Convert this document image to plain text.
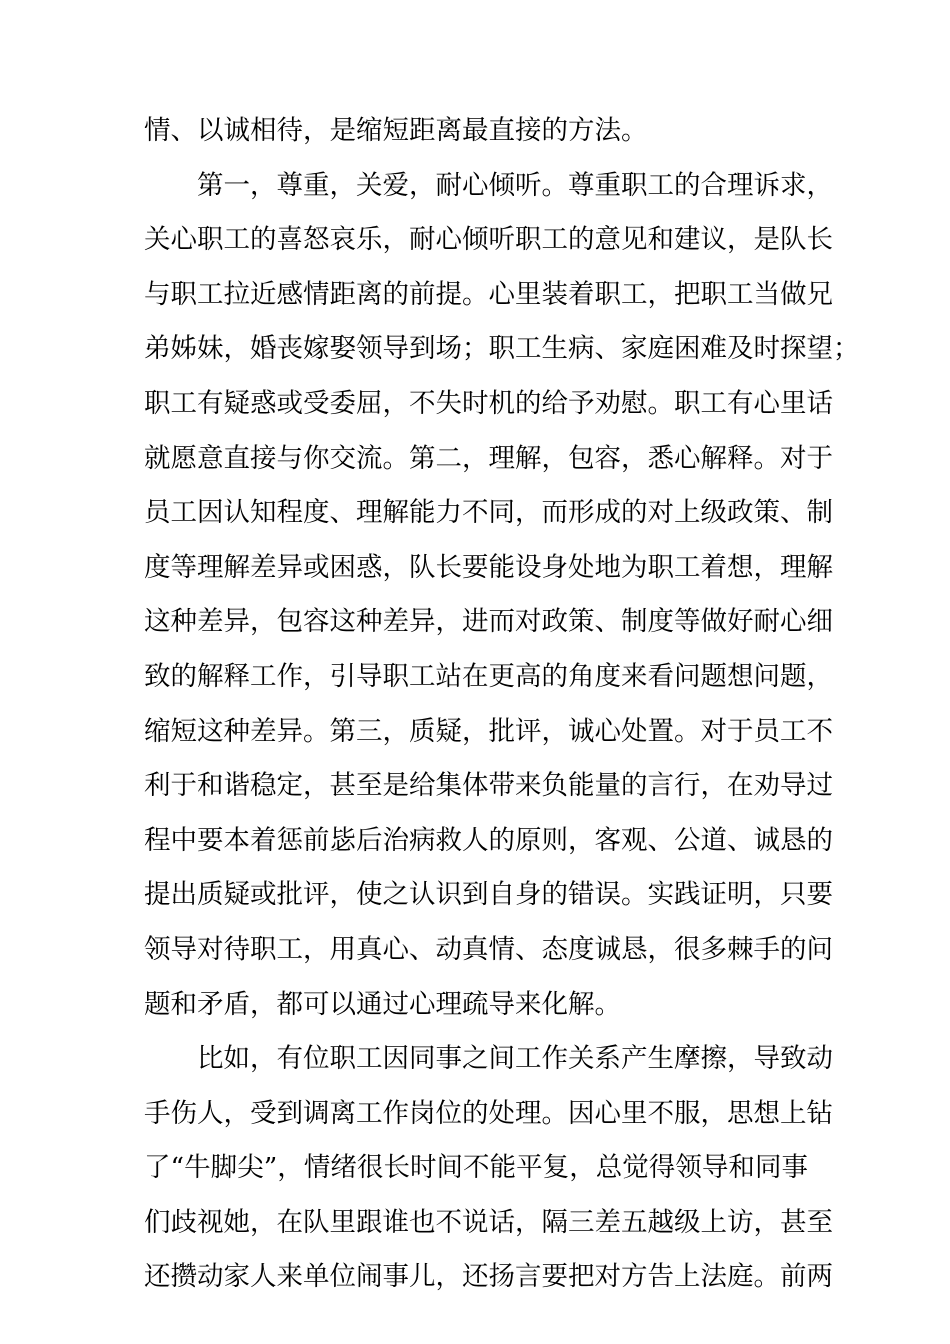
情、以诚相待，是缩短距离最直接的方法。
第一，尊重，关爱，耐心倾听。尊重职工的合理诉求，
关心职工的喜怒哀乐，耐心倾听职工的意见和建议，是队长
与职工拉近感情距离的前提。心里装着职工，把职工当做兄
弟姊妹，婚丧嫁娶领导到场；职工生病、家庭困难及时探望；
职工有疑惑或受委屈，不失时机的给予劝慰。职工有心里话
就愿意直接与你交流。第二，理解，包容，悉心解释。对于
员工因认知程度、理解能力不同，而形成的对上级政策、制
度等理解差异或困惑，队长要能设身处地为职工着想，理解
这种差异，包容这种差异，进而对政策、制度等做好耐心细
致的解释工作，引导职工站在更高的角度来看问题想问题，
缩短这种差异。第三，质疑，批评，诚心处置。对于员工不
利于和谐稳定，甚至是给集体带来负能量的言行，在劝导过
程中要本着惩前毖后治病救人的原则，客观、公道、诚恳的
提出质疑或批评，使之认识到自身的错误。实践证明，只要
领导对待职工，用真心、动真情、态度诚恳，很多棘手的问
题和矛盾，都可以通过心理疏导来化解。
比如，有位职工因同事之间工作关系产生摩擦，导致动
手伤人，受到调离工作岗位的处理。因心里不服，思想上钻
了“牛脚尖”，情绪很长时间不能平复，总觉得领导和同事
们歧视她，在队里跟谁也不说话，隔三差五越级上访，甚至
还攒动家人来单位闹事儿，还扬言要把对方告上法庭。前两
